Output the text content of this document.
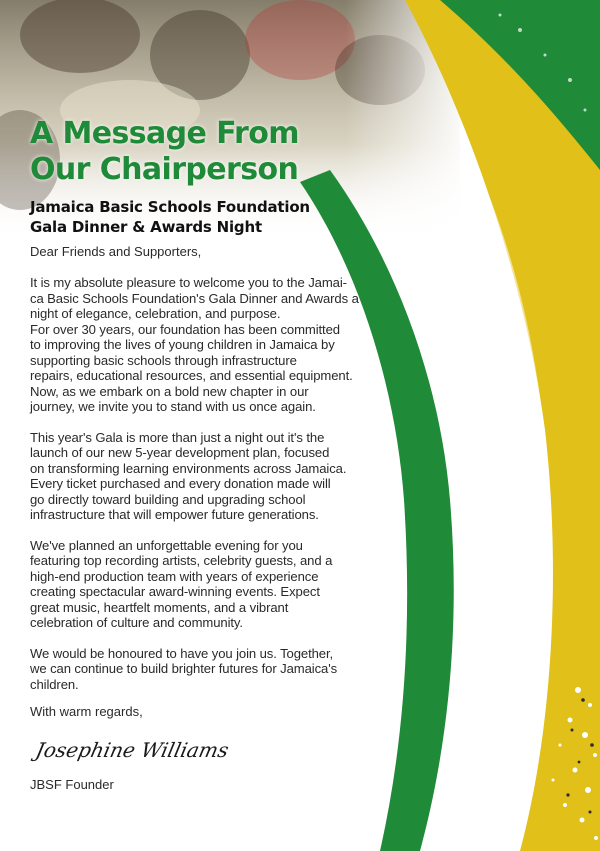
A Message From
Our Chairperson
Jamaica Basic Schools Foundation
Gala Dinner & Awards Night

Dear Friends and Supporters,

It is my absolute pleasure to welcome you to the Jamai-
ca Basic Schools Foundation's Gala Dinner and Awards a
night of elegance, celebration, and purpose.
For over 30 years, our foundation has been committed
to improving the lives of young children in Jamaica by
supporting basic schools through infrastructure
repairs, educational resources, and essential equipment.
Now, as we embark on a bold new chapter in our
journey, we invite you to stand with us once again.

This year's Gala is more than just a night out it's the
launch of our new 5-year development plan, focused
on transforming learning environments across Jamaica.
Every ticket purchased and every donation made will
go directly toward building and upgrading school
infrastructure that will empower future generations.

We've planned an unforgettable evening for you
featuring top recording artists, celebrity guests, and a
high-end production team with years of experience
creating spectacular award-winning events. Expect
great music, heartfelt moments, and a vibrant
celebration of culture and community.

We would be honoured to have you join us. Together,
we can continue to build brighter futures for Jamaica's
children.

With warm regards,

Josephine Williams

JBSF Founder
